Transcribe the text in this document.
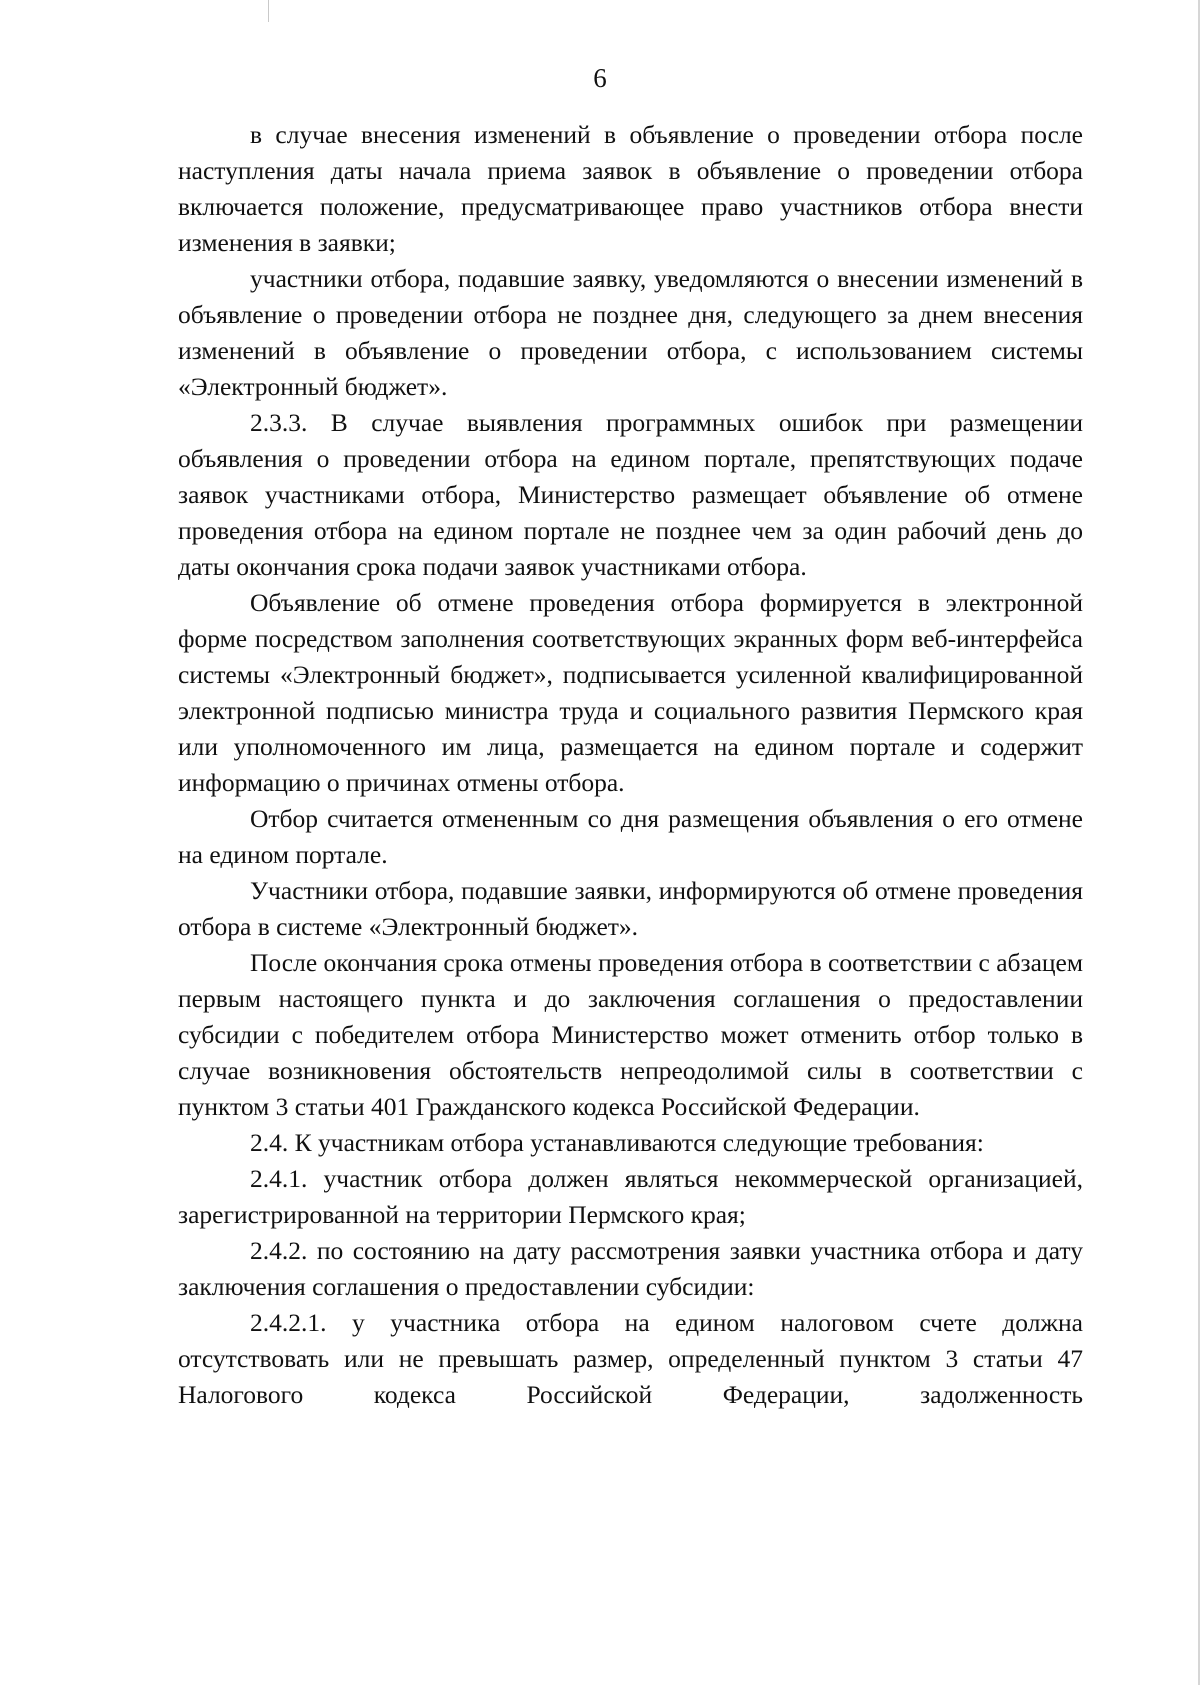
6

в случае внесения изменений в объявление о проведении отбора после наступления даты начала приема заявок в объявление о проведении отбора включается положение, предусматривающее право участников отбора внести изменения в заявки;

участники отбора, подавшие заявку, уведомляются о внесении изменений в объявление о проведении отбора не позднее дня, следующего за днем внесения изменений в объявление о проведении отбора, с использованием системы «Электронный бюджет».

2.3.3. В случае выявления программных ошибок при размещении объявления о проведении отбора на едином портале, препятствующих подаче заявок участниками отбора, Министерство размещает объявление об отмене проведения отбора на едином портале не позднее чем за один рабочий день до даты окончания срока подачи заявок участниками отбора.

Объявление об отмене проведения отбора формируется в электронной форме посредством заполнения соответствующих экранных форм веб-интерфейса системы «Электронный бюджет», подписывается усиленной квалифицированной электронной подписью министра труда и социального развития Пермского края или уполномоченного им лица, размещается на едином портале и содержит информацию о причинах отмены отбора.

Отбор считается отмененным со дня размещения объявления о его отмене на едином портале.

Участники отбора, подавшие заявки, информируются об отмене проведения отбора в системе «Электронный бюджет».

После окончания срока отмены проведения отбора в соответствии с абзацем первым настоящего пункта и до заключения соглашения о предоставлении субсидии с победителем отбора Министерство может отменить отбор только в случае возникновения обстоятельств непреодолимой силы в соответствии с пунктом 3 статьи 401 Гражданского кодекса Российской Федерации.

2.4. К участникам отбора устанавливаются следующие требования:

2.4.1. участник отбора должен являться некоммерческой организацией, зарегистрированной на территории Пермского края;

2.4.2. по состоянию на дату рассмотрения заявки участника отбора и дату заключения соглашения о предоставлении субсидии:

2.4.2.1. у участника отбора на едином налоговом счете должна отсутствовать или не превышать размер, определенный пунктом 3 статьи 47 Налогового кодекса Российской Федерации, задолженность
